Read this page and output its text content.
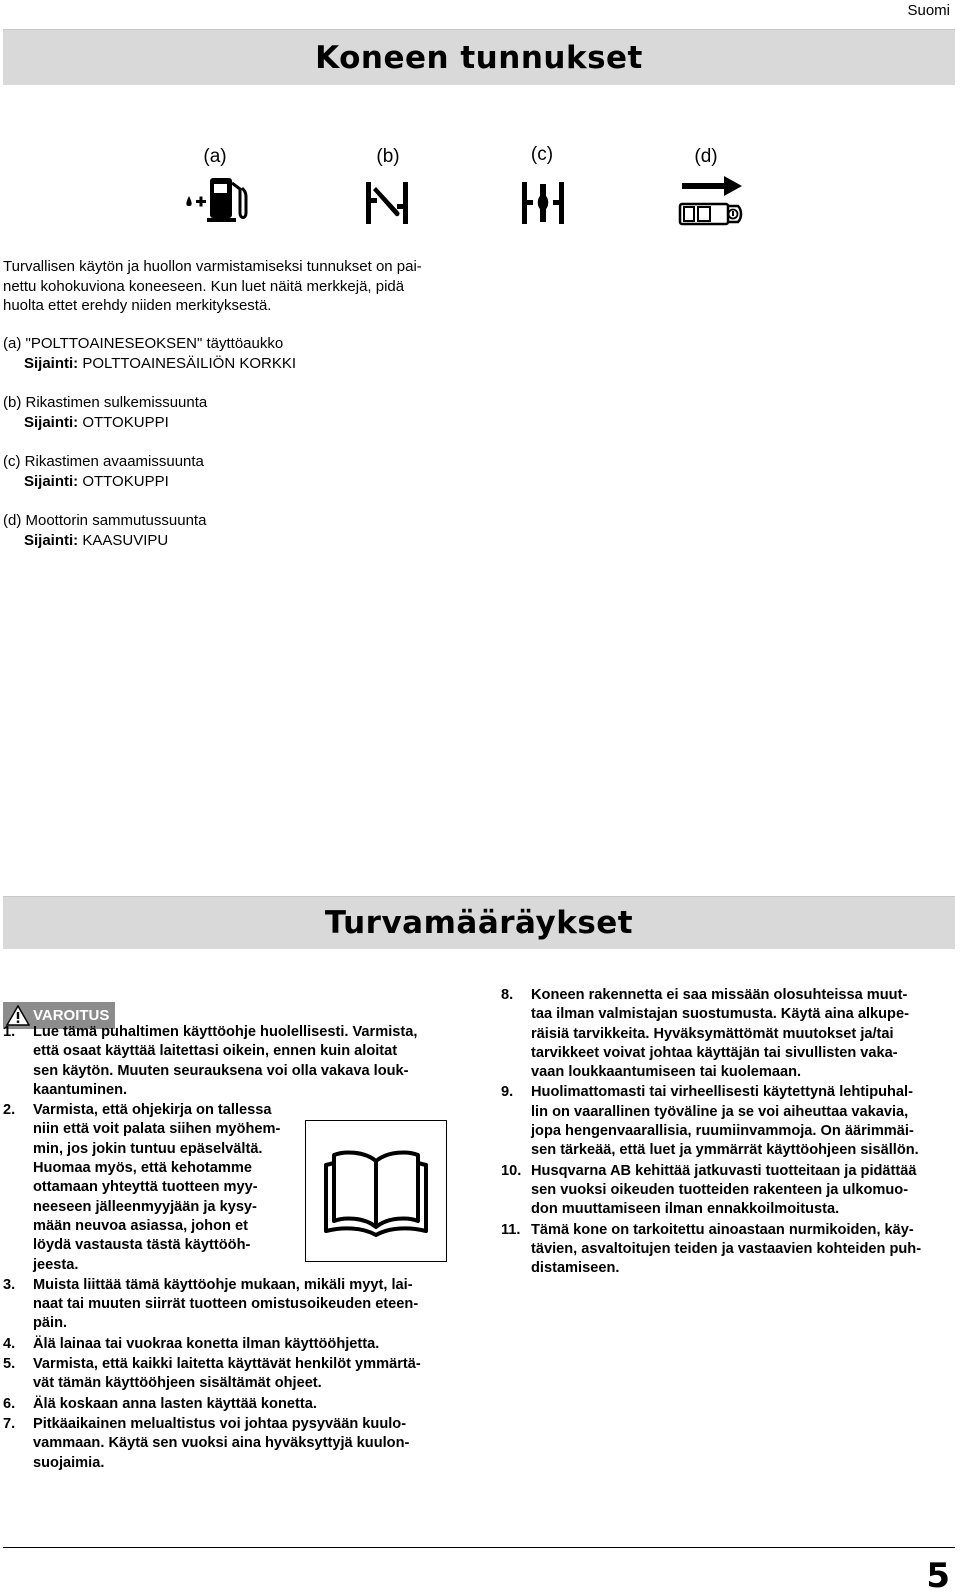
Suomi
Koneen tunnukset
(a)	(b)	(c)	(d)
Turvallisen käytön ja huollon varmistamiseksi tunnukset on pai-
nettu kohokuviona koneeseen. Kun luet näitä merkkejä, pidä
huolta ettet erehdy niiden merkityksestä.
(a) "POLTTOAINESEOKSEN" täyttöaukko
Sijainti: POLTTOAINESÄILIÖN KORKKI
(b) Rikastimen sulkemissuunta
Sijainti: OTTOKUPPI
(c) Rikastimen avaamissuunta
Sijainti: OTTOKUPPI
(d) Moottorin sammutussuunta
Sijainti: KAASUVIPU
Turvamääräykset
VAROITUS
1. Lue tämä puhaltimen käyttöohje huolellisesti. Varmista,
että osaat käyttää laitettasi oikein, ennen kuin aloitat
sen käytön. Muuten seurauksena voi olla vakava louk-
kaantuminen.
2. Varmista, että ohjekirja on tallessa
niin että voit palata siihen myöhem-
min, jos jokin tuntuu epäselvältä.
Huomaa myös, että kehotamme
ottamaan yhteyttä tuotteen myy-
neeseen jälleenmyyjään ja kysy-
mään neuvoa asiassa, johon et
löydä vastausta tästä käyttööh-
jeesta.
3. Muista liittää tämä käyttöohje mukaan, mikäli myyt, lai-
naat tai muuten siirrät tuotteen omistusoikeuden eteen-
päin.
4. Älä lainaa tai vuokraa konetta ilman käyttööhjetta.
5. Varmista, että kaikki laitetta käyttävät henkilöt ymmärtä-
vät tämän käyttööhjeen sisältämät ohjeet.
6. Älä koskaan anna lasten käyttää konetta.
7. Pitkäaikainen melualtistus voi johtaa pysyvään kuulo-
vammaan. Käytä sen vuoksi aina hyväksyttyjä kuulon-
suojaimia.
8. Koneen rakennetta ei saa missään olosuhteissa muut-
taa ilman valmistajan suostumusta. Käytä aina alkupe-
räisiä tarvikkeita. Hyväksymättömät muutokset ja/tai
tarvikkeet voivat johtaa käyttäjän tai sivullisten vaka-
vaan loukkaantumiseen tai kuolemaan.
9. Huolimattomasti tai virheellisesti käytettynä lehtipuhal-
lin on vaarallinen työväline ja se voi aiheuttaa vakavia,
jopa hengenvaarallisia, ruumiinvammoja. On äärimmäi-
sen tärkeää, että luet ja ymmärrät käyttöohjeen sisällön.
10. Husqvarna AB kehittää jatkuvasti tuotteitaan ja pidättää
sen vuoksi oikeuden tuotteiden rakenteen ja ulkomuo-
don muuttamiseen ilman ennakkoilmoitusta.
11. Tämä kone on tarkoitettu ainoastaan nurmikoiden, käy-
tävien, asvaltoitujen teiden ja vastaavien kohteiden puh-
distamiseen.
5
